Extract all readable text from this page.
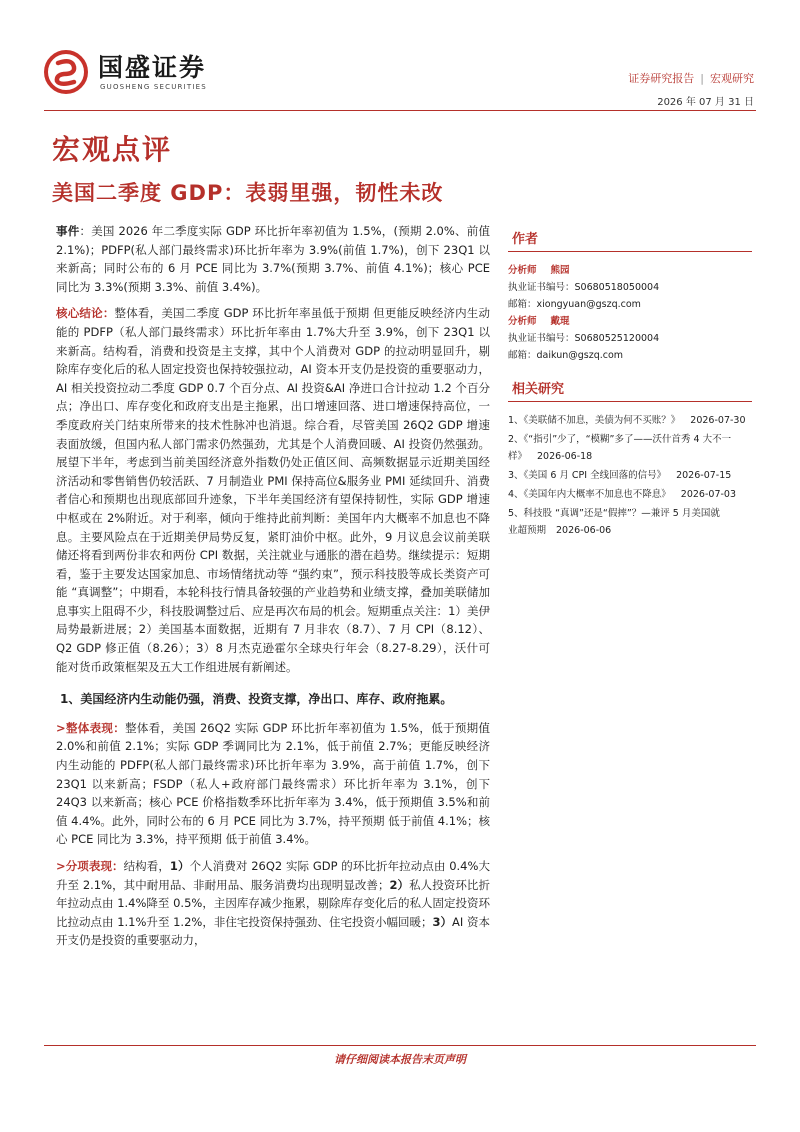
国盛证券
GUOSHENG SECURITIES
证券研究报告 | 宏观研究
2026 年 07 月 31 日
宏观点评
美国二季度 GDP：表弱里强，韧性未改

事件：美国 2026 年二季度实际 GDP 环比折年率初值为 1.5%，(预期 2.0%、前值 2.1%)；PDFP(私人部门最终需求)环比折年率为 3.9%(前值 1.7%)，创下 23Q1 以来新高；同时公布的 6 月 PCE 同比为 3.7%(预期 3.7%、前值 4.1%)；核心 PCE 同比为 3.3%(预期 3.3%、前值 3.4%)。

核心结论：整体看，美国二季度 GDP 环比折年率虽低于预期 但更能反映经济内生动能的 PDFP（私人部门最终需求）环比折年率由 1.7%大升至 3.9%，创下 23Q1 以来新高。结构看，消费和投资是主支撑，其中个人消费对 GDP 的拉动明显回升，剔除库存变化后的私人固定投资也保持较强拉动，AI 资本开支仍是投资的重要驱动力，AI 相关投资拉动二季度 GDP 0.7 个百分点、AI 投资&AI 净进口合计拉动 1.2 个百分点；净出口、库存变化和政府支出是主拖累，出口增速回落、进口增速保持高位，一季度政府关门结束所带来的技术性脉冲也消退。综合看，尽管美国 26Q2 GDP 增速表面放缓，但国内私人部门需求仍然强劲，尤其是个人消费回暖、AI 投资仍然强劲。展望下半年，考虑到当前美国经济意外指数仍处正值区间、高频数据显示近期美国经济活动和零售销售仍较活跃、7 月制造业 PMI 保持高位&服务业 PMI 延续回升、消费者信心和预期也出现底部回升迹象，下半年美国经济有望保持韧性，实际 GDP 增速中枢或在 2%附近。对于利率，倾向于维持此前判断：美国年内大概率不加息也不降息。主要风险点在于近期美伊局势反复，紧盯油价中枢。此外，9 月议息会议前美联储还将看到两份非农和两份 CPI 数据，关注就业与通胀的潜在趋势。继续提示：短期看，鉴于主要发达国家加息、市场情绪扰动等 “强约束”，预示科技股等成长类资产可能 “真调整”；中期看，本轮科技行情具备较强的产业趋势和业绩支撑，叠加美联储加息事实上阻碍不少，科技股调整过后、应是再次布局的机会。短期重点关注：1）美伊局势最新进展；2）美国基本面数据，近期有 7 月非农（8.7）、7 月 CPI（8.12）、Q2 GDP 修正值（8.26）；3）8 月杰克逊霍尔全球央行年会（8.27-8.29），沃什可能对货币政策框架及五大工作组进展有新阐述。

1、美国经济内生动能仍强，消费、投资支撑，净出口、库存、政府拖累。

>整体表现：整体看，美国 26Q2 实际 GDP 环比折年率初值为 1.5%，低于预期值 2.0%和前值 2.1%；实际 GDP 季调同比为 2.1%，低于前值 2.7%；更能反映经济内生动能的 PDFP(私人部门最终需求)环比折年率为 3.9%，高于前值 1.7%，创下 23Q1 以来新高；FSDP（私人+政府部门最终需求）环比折年率为 3.1%，创下 24Q3 以来新高；核心 PCE 价格指数季环比折年率为 3.4%，低于预期值 3.5%和前值 4.4%。此外，同时公布的 6 月 PCE 同比为 3.7%，持平预期 低于前值 4.1%；核心 PCE 同比为 3.3%，持平预期 低于前值 3.4%。

>分项表现：结构看，1）个人消费对 26Q2 实际 GDP 的环比折年拉动点由 0.4%大升至 2.1%，其中耐用品、非耐用品、服务消费均出现明显改善；2）私人投资环比折年拉动点由 1.4%降至 0.5%，主因库存减少拖累，剔除库存变化后的私人固定投资环比拉动点由 1.1%升至 1.2%，非住宅投资保持强劲、住宅投资小幅回暖；3）AI 资本开支仍是投资的重要驱动力，

作者
分析师 熊园
执业证书编号：S0680518050004
邮箱：xiongyuan@gszq.com
分析师 戴琨
执业证书编号：S0680525120004
邮箱：daikun@gszq.com
相关研究
1、《美联储不加息，美债为何不买账？》 2026-07-30
2、《“指引”少了，“模糊”多了——沃什首秀 4 大不一
样》 2026-06-18
3、《美国 6 月 CPI 全线回落的信号》 2026-07-15
4、《美国年内大概率不加息也不降息》 2026-07-03
5、科技股 “真调”还是“假摔”？—兼评 5 月美国就
业超预期 2026-06-06
请仔细阅读本报告末页声明
